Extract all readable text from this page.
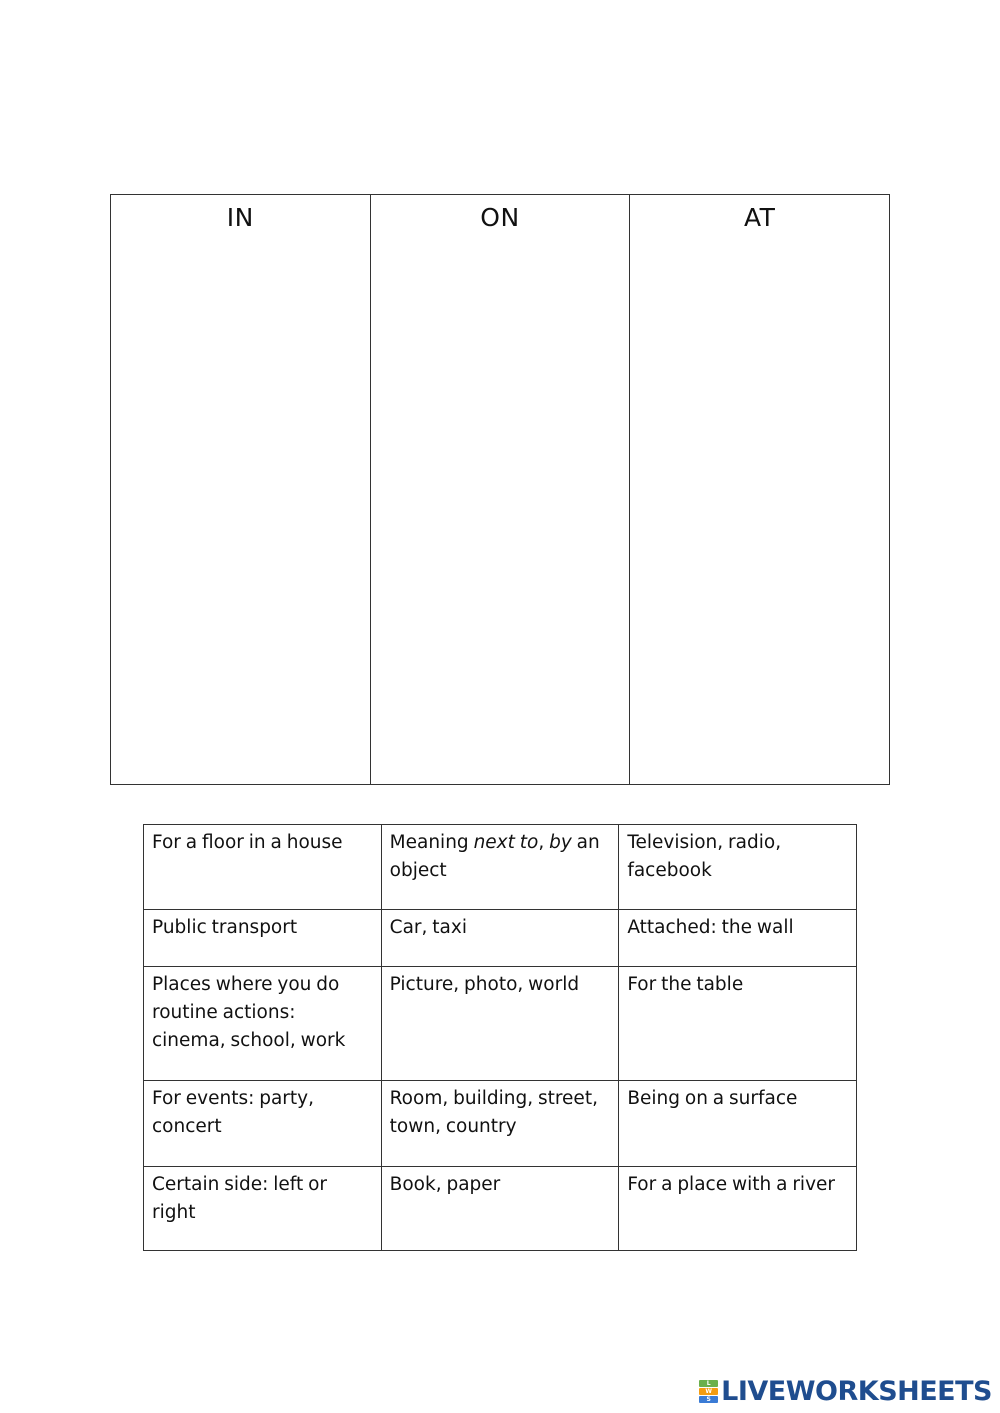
IN	ON	AT
For a floor in a house	Meaning next to, by an object	Television, radio, facebook
Public transport	Car, taxi	Attached: the wall
Places where you do routine actions: cinema, school, work	Picture, photo, world	For the table
For events: party, concert	Room, building, street, town, country	Being on a surface
Certain side: left or right	Book, paper	For a place with a river
L
W
S LIVEWORKSHEETS
